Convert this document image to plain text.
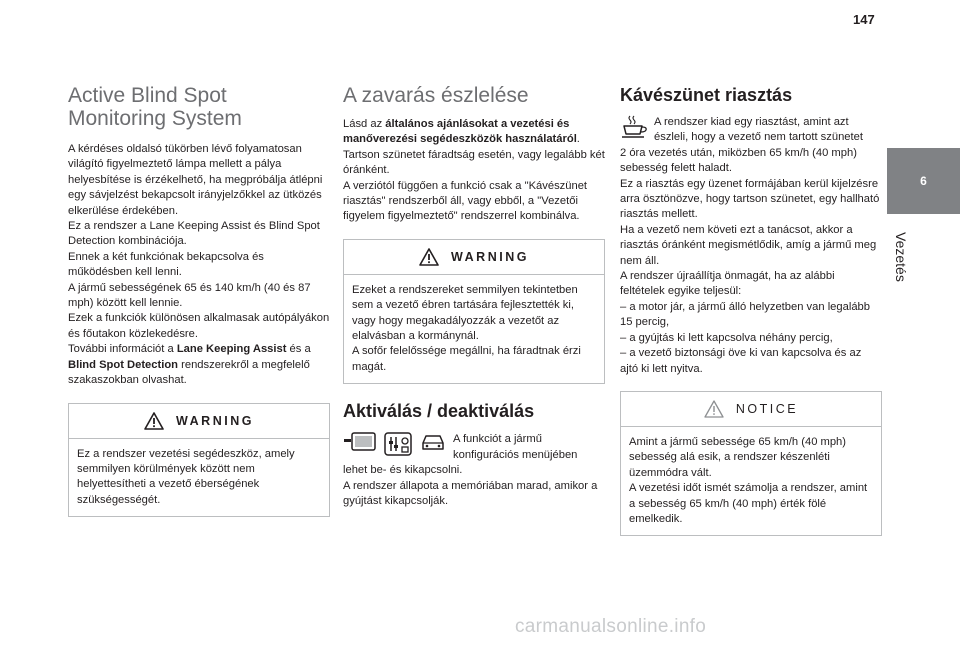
147
6
Vezetés
Active Blind Spot
Monitoring System

A kérdéses oldalsó tükörben lévő folyamatosan világító figyelmeztető lámpa mellett a pálya helyesbítése is érzékelhető, ha megpróbálja átlépni egy sávjelzést bekapcsolt irányjelzőkkel az ütközés elkerülése érdekében.

Ez a rendszer a Lane Keeping Assist és Blind Spot Detection kombinációja.

Ennek a két funkciónak bekapcsolva és működésben kell lenni.

A jármű sebességének 65 és 140 km/h (40 és 87 mph) között kell lennie.

Ezek a funkciók különösen alkalmasak autópályákon és főutakon közlekedésre.

További információt a Lane Keeping Assist és a Blind Spot Detection rendszerekről a megfelelő szakaszokban olvashat.

WARNING

Ez a rendszer vezetési segédeszköz, amely semmilyen körülmények között nem helyettesítheti a vezető éberségének szükségességét.

A zavarás észlelése

Lásd az általános ajánlásokat a vezetési és manőverezési segédeszközök használatáról.

Tartson szünetet fáradtság esetén, vagy legalább két óránként.

A verziótól függően a funkció csak a "Kávészünet riasztás" rendszerből áll, vagy ebből, a "Vezetői figyelem figyelmeztető" rendszerrel kombinálva.

WARNING

Ezeket a rendszereket semmilyen tekintetben sem a vezető ébren tartására fejlesztették ki, vagy hogy megakadályozzák a vezetőt az elalvásban a kormánynál.

A sofőr felelőssége megállni, ha fáradtnak érzi magát.

Aktiválás / deaktiválás

A funkciót a jármű konfigurációs menüjében

lehet be- és kikapcsolni.

A rendszer állapota a memóriában marad, amikor a gyújtást kikapcsolják.

Kávészünet riasztás

A rendszer kiad egy riasztást, amint azt észleli, hogy a vezető nem tartott szünetet

2 óra vezetés után, miközben 65 km/h (40 mph) sebesség felett haladt.

Ez a riasztás egy üzenet formájában kerül kijelzésre arra ösztönözve, hogy tartson szünetet, egy hallható riasztás mellett.

Ha a vezető nem követi ezt a tanácsot, akkor a riasztás óránként megismétlődik, amíg a jármű meg nem áll.

A rendszer újraállítja önmagát, ha az alábbi feltételek egyike teljesül:

– a motor jár, a jármű álló helyzetben van legalább 15 percig,

– a gyújtás ki lett kapcsolva néhány percig,

– a vezető biztonsági öve ki van kapcsolva és az ajtó ki lett nyitva.

NOTICE

Amint a jármű sebessége 65 km/h (40 mph) sebesség alá esik, a rendszer készenléti üzemmódra vált.

A vezetési időt ismét számolja a rendszer, amint a sebesség 65 km/h (40 mph) érték fölé emelkedik.

carmanualsonline.info
